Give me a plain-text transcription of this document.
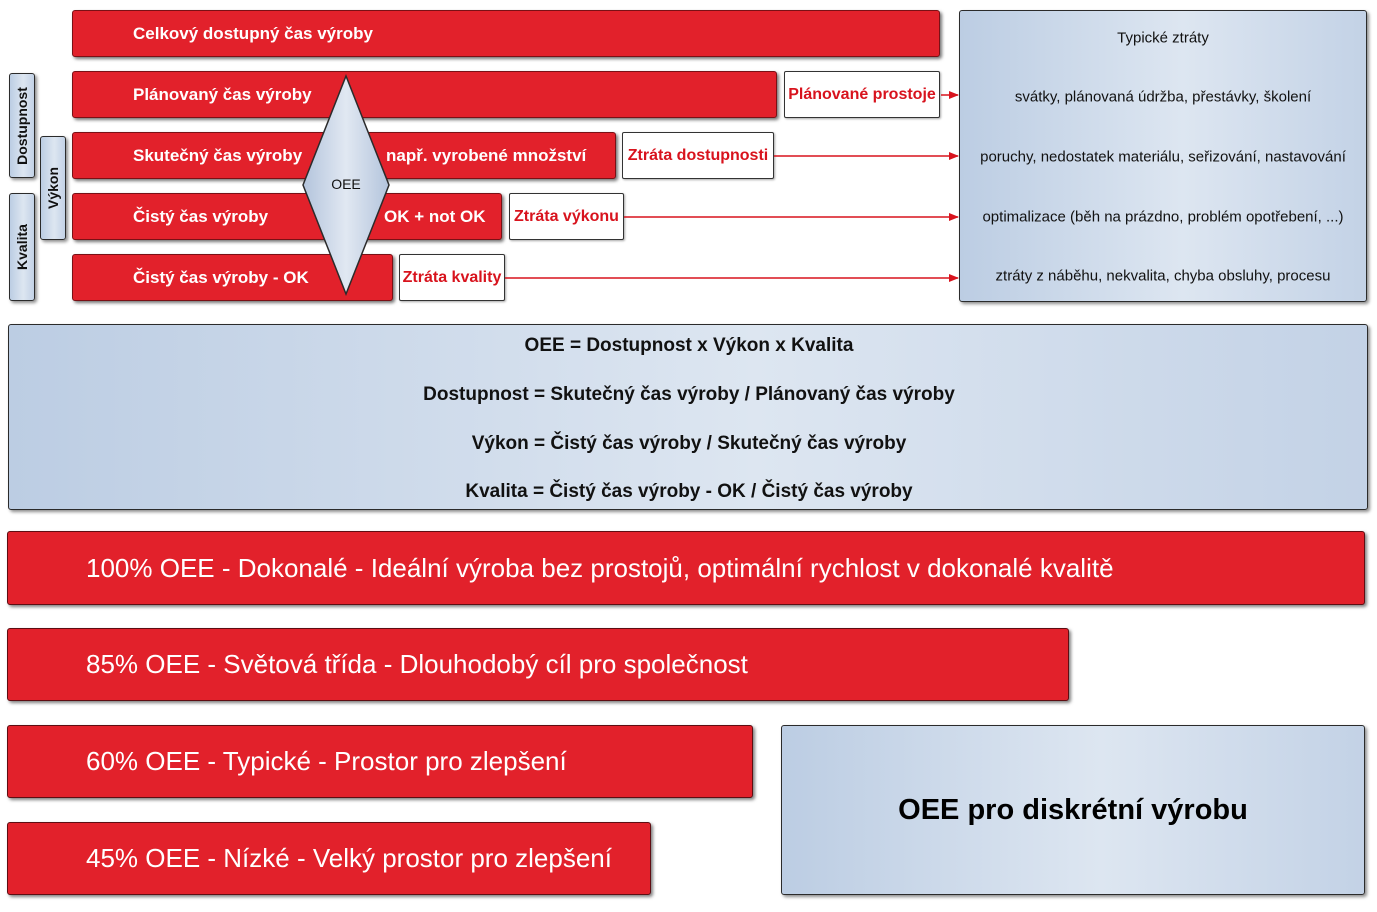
Celkový dostupný čas výroby
Plánovaný čas výroby
Skutečný čas výroby
Čistý čas výroby
Čistý čas výroby - OK
OEE
např. vyrobené množství
OK + not OK
Plánované prostoje
Ztráta dostupnosti
Ztráta výkonu
Ztráta kvality
Typické ztráty
svátky, plánovaná údržba, přestávky, školení
poruchy, nedostatek materiálu, seřizování, nastavování
optimalizace (běh na prázdno, problém opotřebení, ...)
ztráty z náběhu, nekvalita, chyba obsluhy, procesu
Dostupnost
Výkon
Kvalita
OEE = Dostupnost x Výkon x Kvalita
Dostupnost = Skutečný čas výroby / Plánovaný čas výroby
Výkon = Čistý čas výroby / Skutečný čas výroby
Kvalita = Čistý čas výroby - OK / Čistý čas výroby
100% OEE - Dokonalé - Ideální výroba bez prostojů, optimální rychlost v dokonalé kvalitě
85% OEE - Světová třída - Dlouhodobý cíl pro společnost
60% OEE - Typické - Prostor pro zlepšení
45% OEE - Nízké - Velký prostor pro zlepšení
OEE pro diskrétní výrobu
